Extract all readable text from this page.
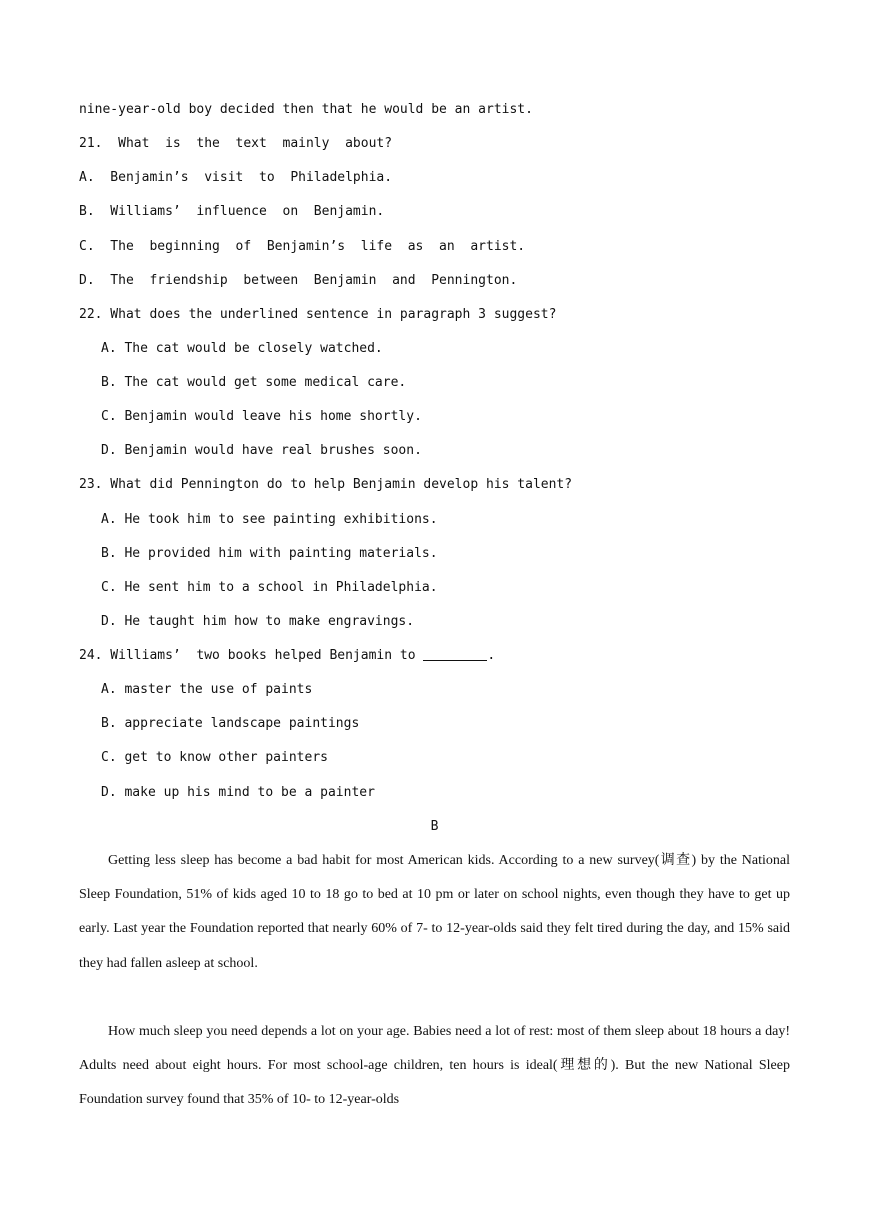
nine-year-old boy decided then that he would be an artist.
21.  What  is  the  text  mainly  about?
A.  Benjamin’s  visit  to  Philadelphia.
B.  Williams’  influence  on  Benjamin.
C.  The  beginning  of  Benjamin’s  life  as  an  artist.
D.  The  friendship  between  Benjamin  and  Pennington.
22. What does the underlined sentence in paragraph 3 suggest?
A. The cat would be closely watched.
B. The cat would get some medical care.
C. Benjamin would leave his home shortly.
D. Benjamin would have real brushes soon.
23. What did Pennington do to help Benjamin develop his talent?
A. He took him to see painting exhibitions.
B. He provided him with painting materials.
C. He sent him to a school in Philadelphia.
D. He taught him how to make engravings.
24. Williams’  two books helped Benjamin to	.
A. master the use of paints
B. appreciate landscape paintings
C. get to know other painters
D. make up his mind to be a painter
B
Getting less sleep has become a bad habit for most American kids. According to a new survey(调查) by the National Sleep Foundation, 51% of kids aged 10 to 18 go to bed at 10 pm or later on school nights, even though they have to get up early. Last year the Foundation reported that nearly 60% of 7- to 12-year-olds said they felt tired during the day, and 15% said they had fallen asleep at school.
How much sleep you need depends a lot on your age. Babies need a lot of rest: most of them sleep about 18 hours a day! Adults need about eight hours. For most school-age children, ten hours is ideal(理想的). But the new National Sleep Foundation survey found that 35% of 10- to 12-year-olds
